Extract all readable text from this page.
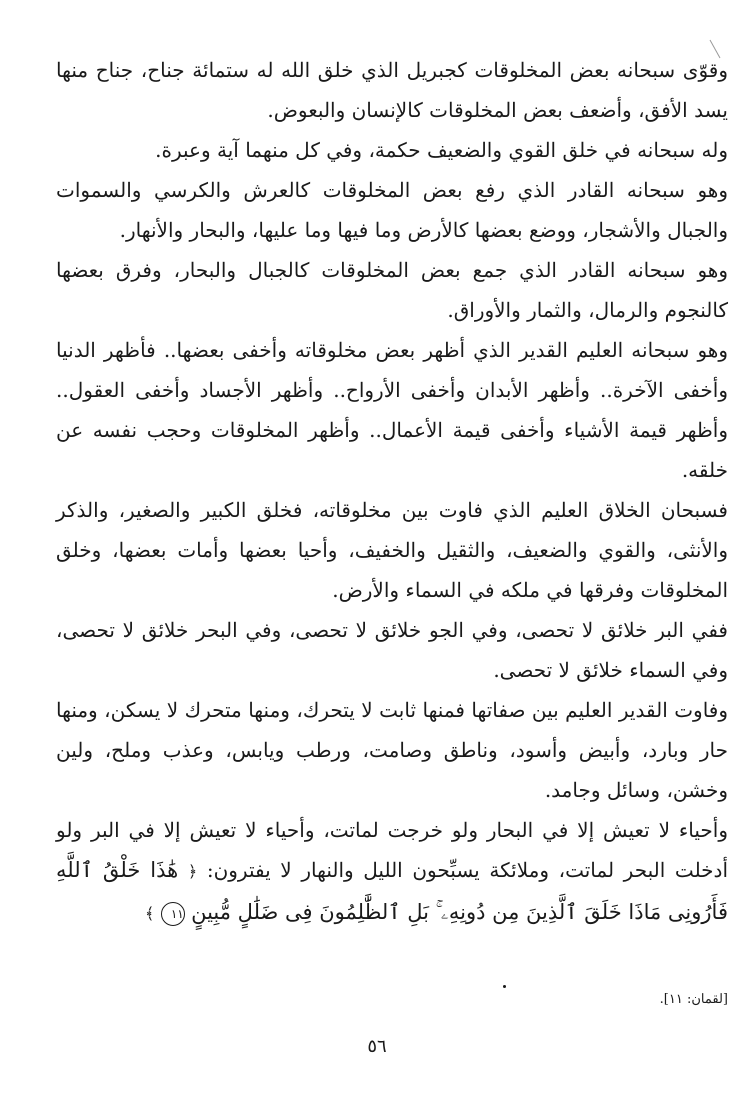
وقوّى سبحانه بعض المخلوقات كجبريل الذي خلق الله له ستمائة جناح، جناح منها يسد الأفق، وأضعف بعض المخلوقات كالإنسان والبعوض.

وله سبحانه في خلق القوي والضعيف حكمة، وفي كل منهما آية وعبرة.

وهو سبحانه القادر الذي رفع بعض المخلوقات كالعرش والكرسي والسموات والجبال والأشجار، ووضع بعضها كالأرض وما فيها وما عليها، والبحار والأنهار.

وهو سبحانه القادر الذي جمع بعض المخلوقات كالجبال والبحار، وفرق بعضها كالنجوم والرمال، والثمار والأوراق.

وهو سبحانه العليم القدير الذي أظهر بعض مخلوقاته وأخفى بعضها.. فأظهر الدنيا وأخفى الآخرة.. وأظهر الأبدان وأخفى الأرواح.. وأظهر الأجساد وأخفى العقول.. وأظهر قيمة الأشياء وأخفى قيمة الأعمال.. وأظهر المخلوقات وحجب نفسه عن خلقه.

فسبحان الخلاق العليم الذي فاوت بين مخلوقاته، فخلق الكبير والصغير، والذكر والأنثى، والقوي والضعيف، والثقيل والخفيف، وأحيا بعضها وأمات بعضها، وخلق المخلوقات وفرقها في ملكه في السماء والأرض.

ففي البر خلائق لا تحصى، وفي الجو خلائق لا تحصى، وفي البحر خلائق لا تحصى، وفي السماء خلائق لا تحصى.

وفاوت القدير العليم بين صفاتها فمنها ثابت لا يتحرك، ومنها متحرك لا يسكن، ومنها حار وبارد، وأبيض وأسود، وناطق وصامت، ورطب ويابس، وعذب وملح، ولين وخشن، وسائل وجامد.

وأحياء لا تعيش إلا في البحار ولو خرجت لماتت، وأحياء لا تعيش إلا في البر ولو أدخلت البحر لماتت، وملائكة يسبِّحون الليل والنهار لا يفترون: ﴿ هَٰذَا خَلْقُ ٱللَّهِ فَأَرُونِى مَاذَا خَلَقَ ٱلَّذِينَ مِن دُونِهِۦ ۚ بَلِ ٱلظَّٰلِمُونَ فِى ضَلَٰلٍ مُّبِينٍ ١١ ﴾

[لقمان: ١١].
٥٦
